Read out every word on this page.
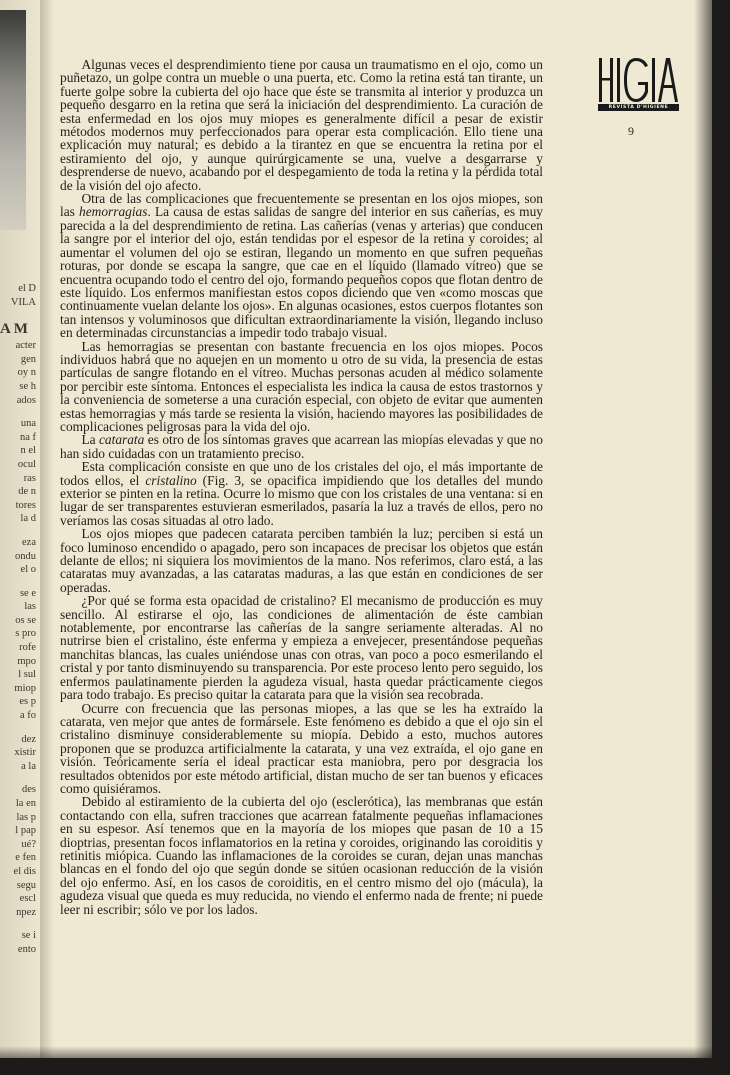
el D
VILA
A M
acter
gen
oy n
se h
ados
una
na f
n el
ocul
ras
de n
tores
la d
eza
ondu
el o
se e
las
os se
s pro
rofe
mpo
l sul
miop
es p
a fo
dez
xistir
a la
des
la en
las p
l pap
ué?
e fen
el dis
segu
escl
npez
se i
ento
REVISTA D'HIGIENE
9

Algunas veces el desprendimiento tiene por causa un traumatismo en el ojo, como un puñetazo, un golpe contra un mueble o una puerta, etc. Como la retina está tan tirante, un fuerte golpe sobre la cubierta del ojo hace que éste se transmita al interior y produzca un pequeño desgarro en la retina que será la iniciación del desprendimiento. La curación de esta enfermedad en los ojos muy miopes es generalmente difícil a pesar de existir métodos modernos muy perfeccionados para operar esta complicación. Ello tiene una explicación muy natural; es debido a la tirantez en que se encuentra la retina por el estiramiento del ojo, y aunque quirúrgicamente se una, vuelve a desgarrarse y desprenderse de nuevo, acabando por el despegamiento de toda la retina y la pérdida total de la visión del ojo afecto.

Otra de las complicaciones que frecuentemente se presentan en los ojos miopes, son las hemorragias. La causa de estas salidas de sangre del interior en sus cañerías, es muy parecida a la del desprendimiento de retina. Las cañerías (venas y arterias) que conducen la sangre por el interior del ojo, están tendidas por el espesor de la retina y coroides; al aumentar el volumen del ojo se estiran, llegando un momento en que sufren pequeñas roturas, por donde se escapa la sangre, que cae en el líquido (llamado vítreo) que se encuentra ocupando todo el centro del ojo, formando pequeños copos que flotan dentro de este líquido. Los enfermos manifiestan estos copos diciendo que ven «como moscas que continuamente vuelan delante los ojos». En algunas ocasiones, estos cuerpos flotantes son tan intensos y voluminosos que dificultan extraordinariamente la visión, llegando incluso en determinadas circunstancias a impedir todo trabajo visual.

Las hemorragias se presentan con bastante frecuencia en los ojos miopes. Pocos individuos habrá que no aquejen en un momento u otro de su vida, la presencia de estas partículas de sangre flotando en el vítreo. Muchas personas acuden al médico solamente por percibir este síntoma. Entonces el especialista les indica la causa de estos trastornos y la conveniencia de someterse a una curación especial, con objeto de evitar que aumenten estas hemorragias y más tarde se resienta la visión, haciendo mayores las posibilidades de complicaciones peligrosas para la vida del ojo.

La catarata es otro de los síntomas graves que acarrean las miopías elevadas y que no han sido cuidadas con un tratamiento preciso.

Esta complicación consiste en que uno de los cristales del ojo, el más importante de todos ellos, el cristalino (Fig. 3, se opacifica impidiendo que los detalles del mundo exterior se pinten en la retina. Ocurre lo mismo que con los cristales de una ventana: si en lugar de ser transparentes estuvieran esmerilados, pasaría la luz a través de ellos, pero no veríamos las cosas situadas al otro lado.

Los ojos miopes que padecen catarata perciben también la luz; perciben si está un foco luminoso encendido o apagado, pero son incapaces de precisar los objetos que están delante de ellos; ni siquiera los movimientos de la mano. Nos referimos, claro está, a las cataratas muy avanzadas, a las cataratas maduras, a las que están en condiciones de ser operadas.

¿Por qué se forma esta opacidad de cristalino? El mecanismo de producción es muy sencillo. Al estirarse el ojo, las condiciones de alimentación de éste cambian notablemente, por encontrarse las cañerías de la sangre seriamente alteradas. Al no nutrirse bien el cristalino, éste enferma y empieza a envejecer, presentándose pequeñas manchitas blancas, las cuales uniéndose unas con otras, van poco a poco esmerilando el cristal y por tanto disminuyendo su transparencia. Por este proceso lento pero seguido, los enfermos paulatinamente pierden la agudeza visual, hasta quedar prácticamente ciegos para todo trabajo. Es preciso quitar la catarata para que la visión sea recobrada.

Ocurre con frecuencia que las personas miopes, a las que se les ha extraído la catarata, ven mejor que antes de formársele. Este fenómeno es debido a que el ojo sin el cristalino disminuye considerablemente su miopía. Debido a esto, muchos autores proponen que se produzca artificialmente la catarata, y una vez extraída, el ojo gane en visión. Teóricamente sería el ideal practicar esta maniobra, pero por desgracia los resultados obtenidos por este método artificial, distan mucho de ser tan buenos y eficaces como quisiéramos.

Debido al estiramiento de la cubierta del ojo (esclerótica), las membranas que están contactando con ella, sufren tracciones que acarrean fatalmente pequeñas inflamaciones en su espesor. Así tenemos que en la mayoría de los miopes que pasan de 10 a 15 dioptrias, presentan focos inflamatorios en la retina y coroides, originando las coroiditis y retinitis miópica. Cuando las inflamaciones de la coroides se curan, dejan unas manchas blancas en el fondo del ojo que según donde se sitúen ocasionan reducción de la visión del ojo enfermo. Así, en los casos de coroiditis, en el centro mismo del ojo (mácula), la agudeza visual que queda es muy reducida, no viendo el enfermo nada de frente; ni puede leer ni escribir; sólo ve por los lados.
